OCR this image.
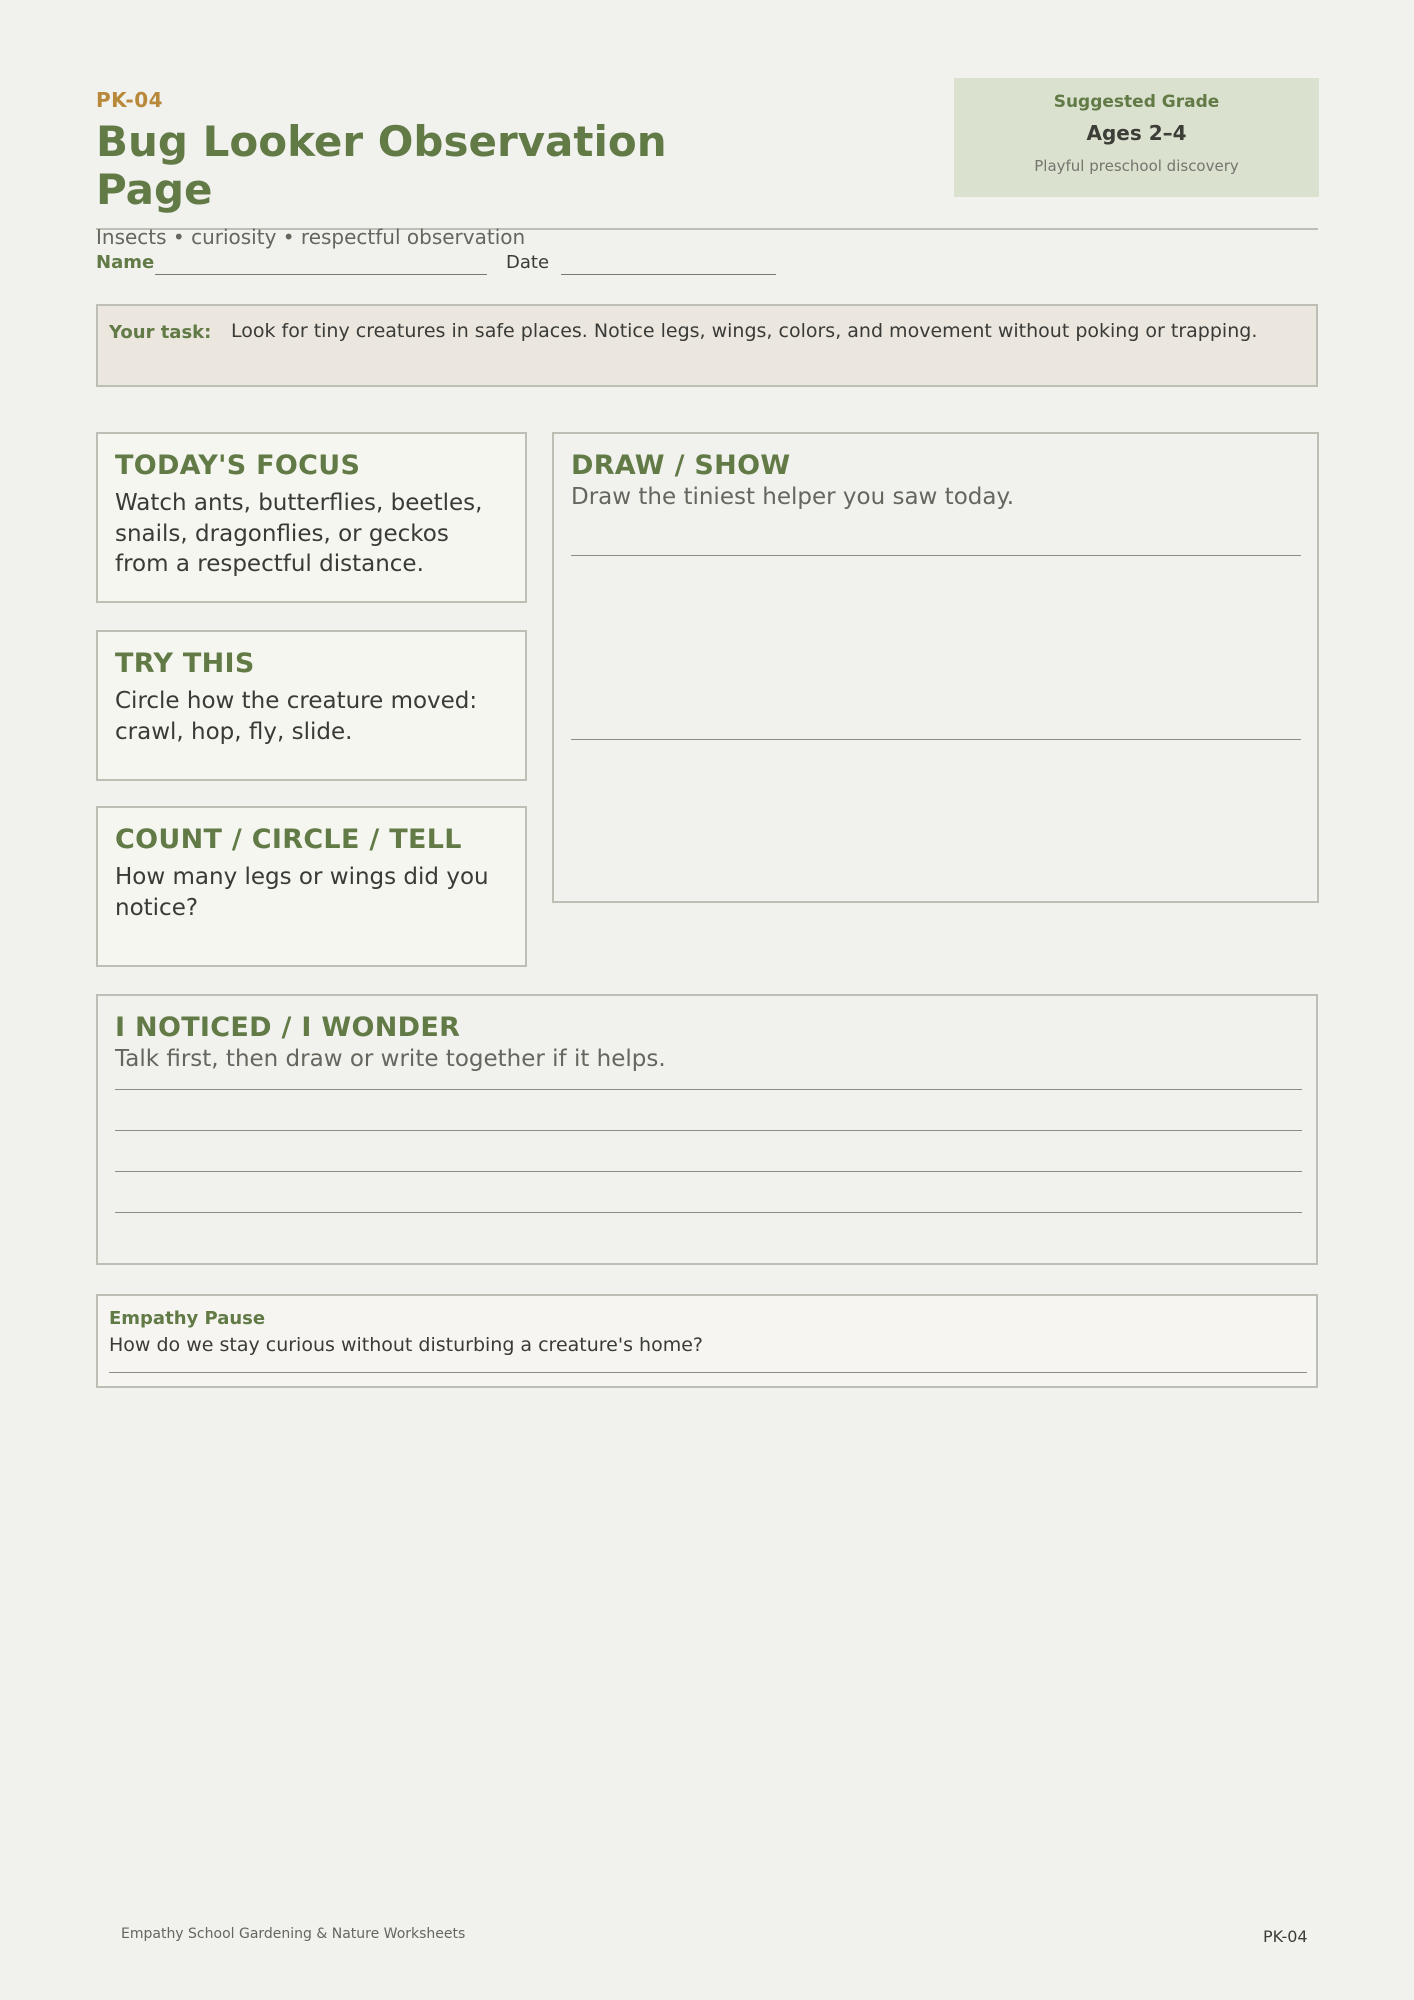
PK-04
Bug Looker Observation Page
Insects • curiosity • respectful observation
Suggested Grade
Ages 2–4
Playful preschool discovery
Name	Date
Your task: Look for tiny creatures in safe places. Notice legs, wings, colors, and movement without poking or trapping.
TODAY'S FOCUS
Watch ants, butterflies, beetles, snails, dragonflies, or geckos from a respectful distance.
TRY THIS
Circle how the creature moved: crawl, hop, fly, slide.
COUNT / CIRCLE / TELL
How many legs or wings did you notice?
DRAW / SHOW
Draw the tiniest helper you saw today.
I NOTICED / I WONDER
Talk first, then draw or write together if it helps.
Empathy Pause
How do we stay curious without disturbing a creature's home?
Empathy School Gardening & Nature Worksheets	PK-04
